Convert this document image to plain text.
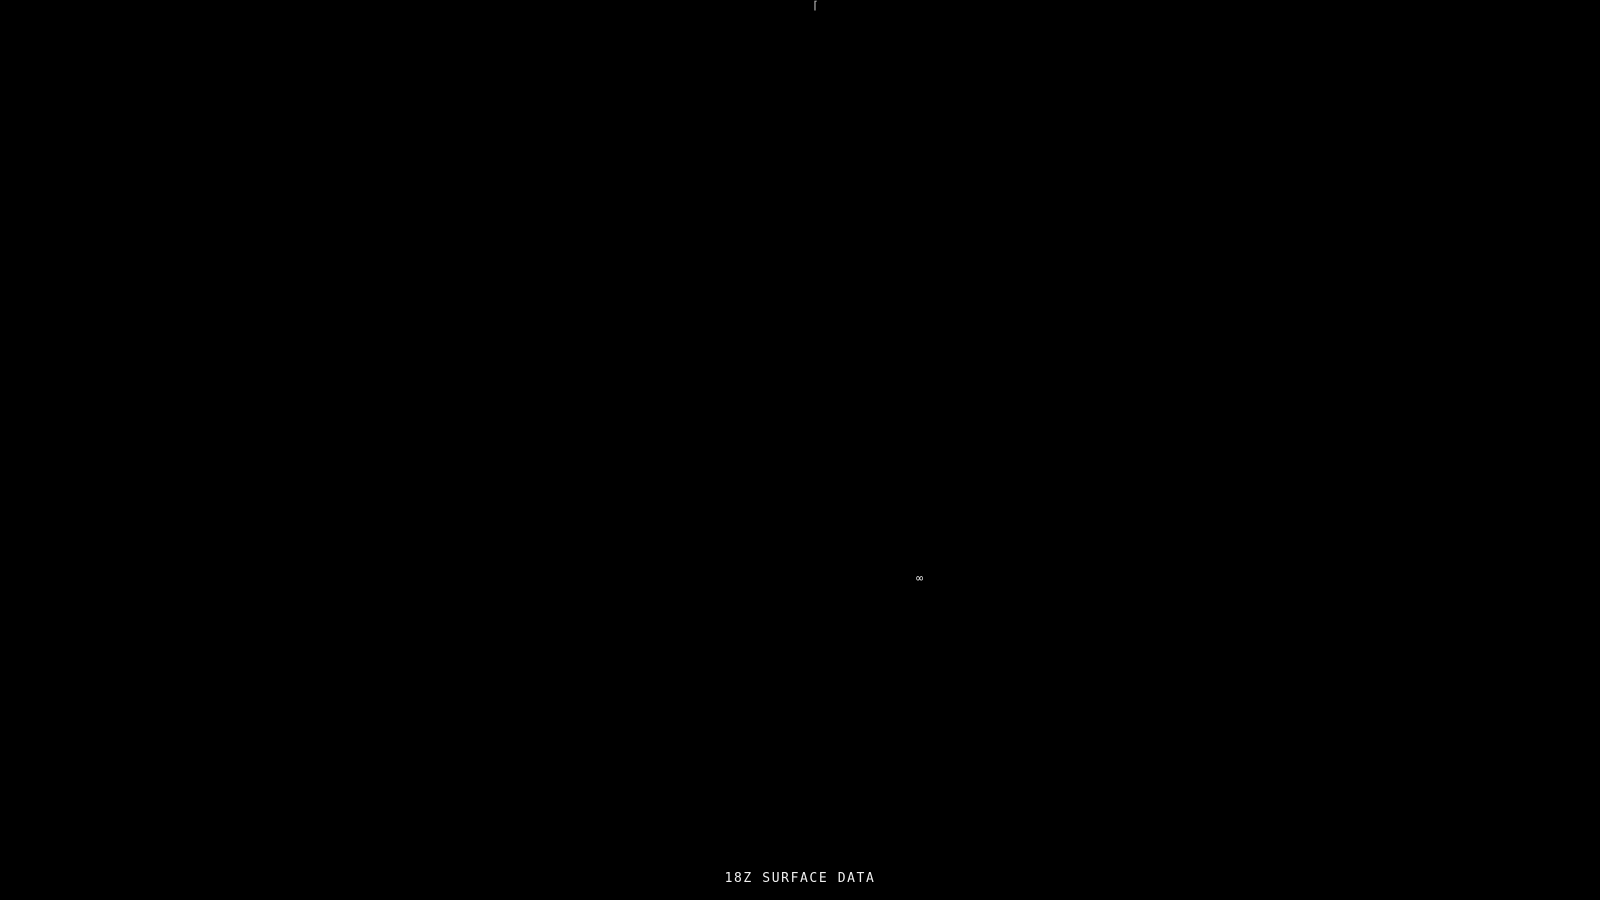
⌈
∞
18Z SURFACE DATA
